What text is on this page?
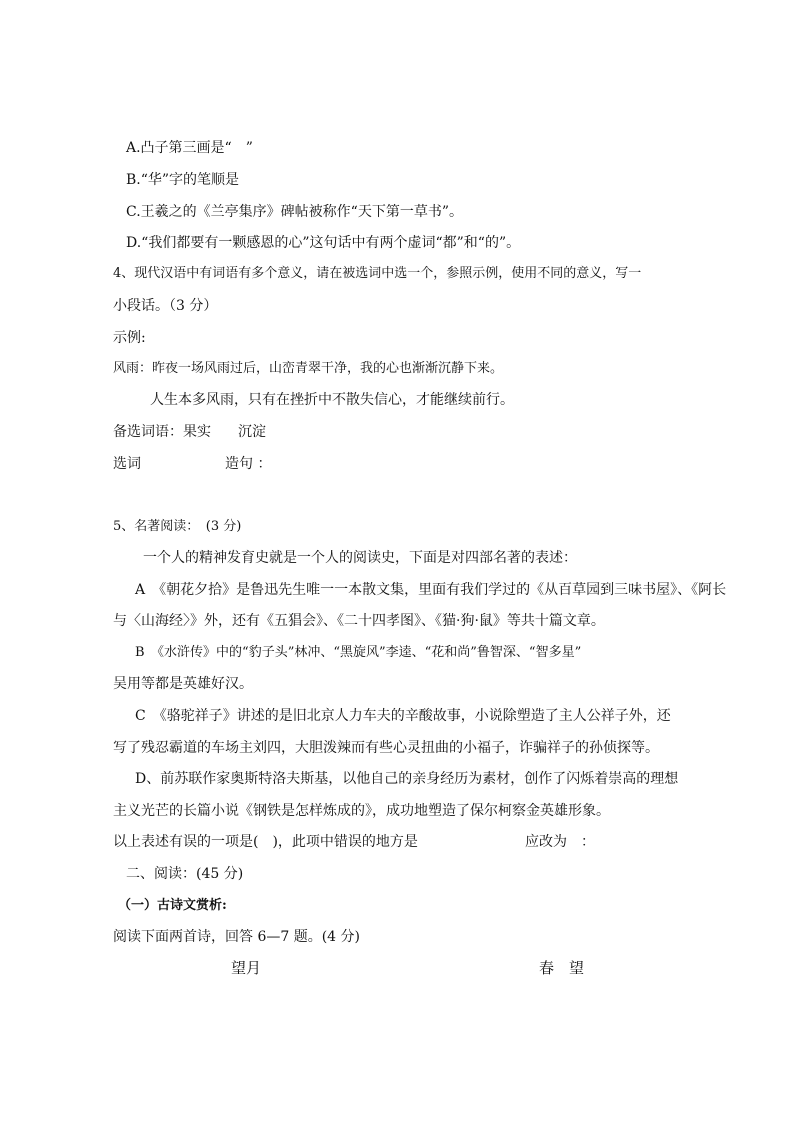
A.凸子第三画是“　”
B.“华”字的笔顺是
C.王羲之的《兰亭集序》碑帖被称作“天下第一草书”。
D.“我们都要有一颗感恩的心”这句话中有两个虚词“都”和“的”。
4、现代汉语中有词语有多个意义，请在被选词中选一个，参照示例，使用不同的意义，写一
小段话。（3 分）
示例:
风雨：昨夜一场风雨过后，山峦青翠干净，我的心也渐渐沉静下来。
人生本多风雨，只有在挫折中不散失信心，才能继续前行。
备选词语：果实 沉淀
选词	造句 ：
5、名著阅读：　(3 分)
一个人的精神发育史就是一个人的阅读史，下面是对四部名著的表述：
A　《朝花夕拾》是鲁迅先生唯一一本散文集，里面有我们学过的《从百草园到三味书屋》、《阿长
与〈山海经〉》外，还有《五猖会》、《二十四孝图》、《猫·狗·鼠》等共十篇文章。
B　《水浒传》中的“豹子头”林冲、“黑旋风”李逵、“花和尚”鲁智深、“智多星”
吴用等都是英雄好汉。
C　《骆驼祥子》讲述的是旧北京人力车夫的辛酸故事，小说除塑造了主人公祥子外，还
写了残忍霸道的车场主刘四，大胆泼辣而有些心灵扭曲的小福子，诈骗祥子的孙侦探等。
D、前苏联作家奥斯特洛夫斯基，以他自己的亲身经历为素材，创作了闪烁着崇高的理想
主义光芒的长篇小说《钢铁是怎样炼成的》，成功地塑造了保尔柯察金英雄形象。
以上表述有误的一项是(　)，此项中错误的地方是	应改为　：
二、阅读：(45 分)
（一）古诗文赏析:
阅读下面两首诗，回答 6—7 题。(4 分)
望月	春　望
